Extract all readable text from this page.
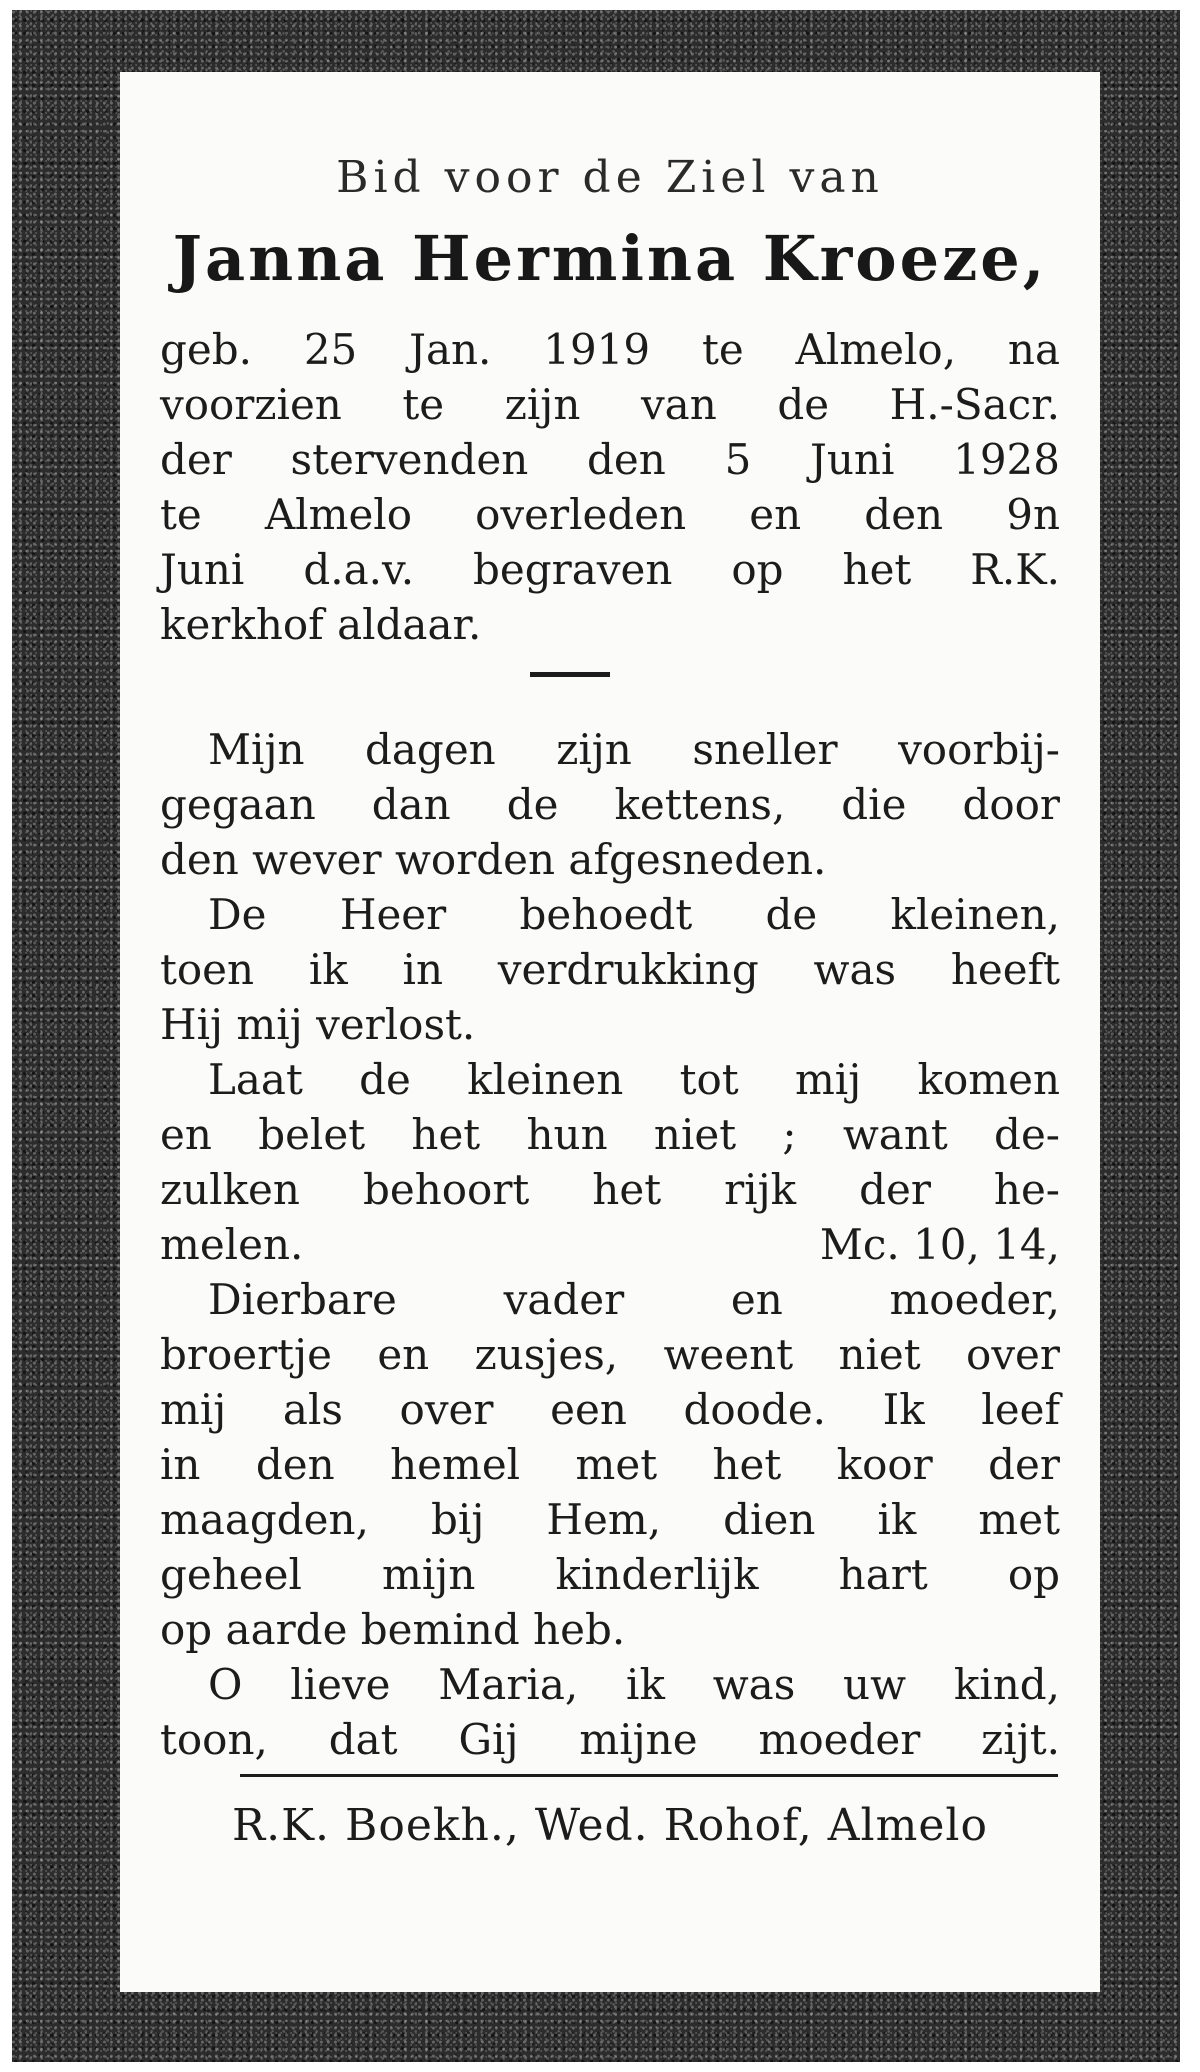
Bid voor de Ziel van
Janna Hermina Kroeze,
geb. 25 Jan. 1919 te Almelo, na
voorzien te zijn van de H.-Sacr.
der stervenden den 5 Juni 1928
te Almelo overleden en den 9n
Juni d.a.v. begraven op het R.K.
kerkhof aldaar.
Mijn dagen zijn sneller voorbij-
gegaan dan de kettens, die door
den wever worden afgesneden.
De Heer behoedt de kleinen,
toen ik in verdrukking was heeft
Hij mij verlost.
Laat de kleinen tot mij komen
en belet het hun niet ; want de-
zulken behoort het rijk der he-
melen.	Mc. 10, 14,
Dierbare vader en moeder,
broertje en zusjes, weent niet over
mij als over een doode. Ik leef
in den hemel met het koor der
maagden, bij Hem, dien ik met
geheel mijn kinderlijk hart op
op aarde bemind heb.
O lieve Maria, ik was uw kind,
toon, dat Gij mijne moeder zijt.
R.K. Boekh., Wed. Rohof, Almelo
